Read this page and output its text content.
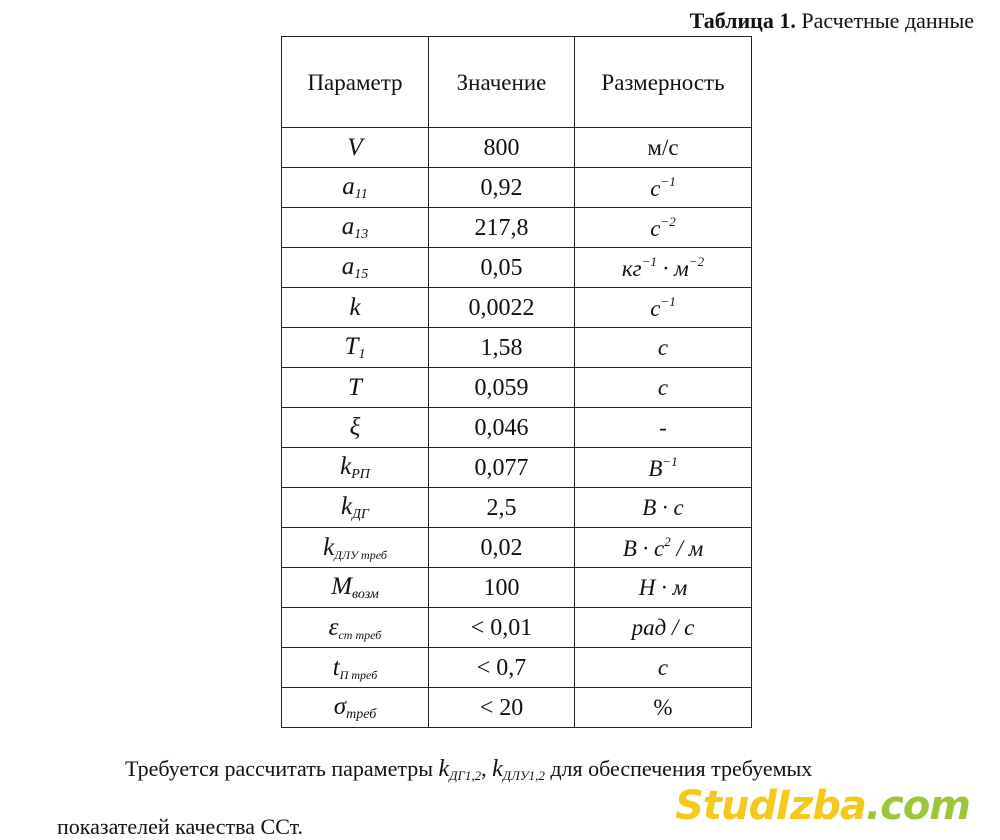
Таблица 1. Расчетные данные
Параметр	Значение	Размерность
V	800	м/с
$a_{11}$	0,92	$c^{-1}$
$a_{13}$	217,8	$c^{-2}$
$a_{15}$	0,05	$кг^{-1} \cdot м^{-2}$
k	0,0022	$c^{-1}$
$T_1$	1,58	c
T	0,059	c
ξ	0,046	-
$k_{РП}$	0,077	$В^{-1}$
$k_{ДГ}$	2,5	В · с
$k_{ДЛУ треб}$	0,02	$В \cdot с^2 / м$
$M_{возм}$	100	Н · м
$\varepsilon_{ст треб}$	< 0,01	рад / с
$t_{П треб}$	< 0,7	c
$\sigma_{треб}$	< 20	%
Требуется рассчитать параметры $k_{ДГ1,2}$, $k_{ДЛУ1,2}$ для обеспечения требуемых
показателей качества ССт.	StudIzba.com
